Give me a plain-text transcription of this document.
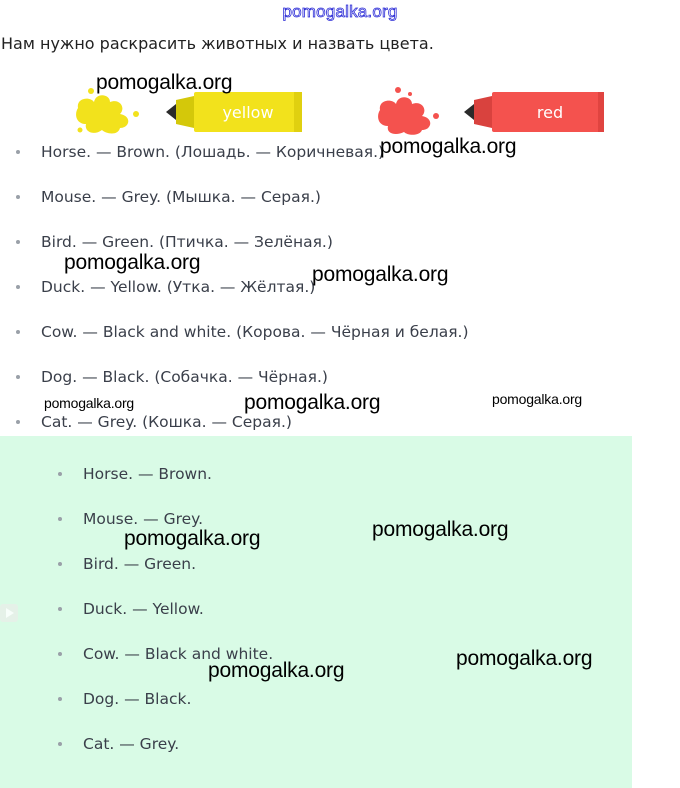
pomogalka.org
Нам нужно раскрасить животных и назвать цвета.
yellow	red
Horse. — Brown. (Лошадь. — Коричневая.)
Mouse. — Grey. (Мышка. — Серая.)
Bird. — Green. (Птичка. — Зелёная.)
Duck. — Yellow. (Утка. — Жёлтая.)
Cow. — Black and white. (Корова. — Чёрная и белая.)
Dog. — Black. (Собачка. — Чёрная.)
Cat. — Grey. (Кошка. — Серая.)
Horse. — Brown.
Mouse. — Grey.
Bird. — Green.
Duck. — Yellow.
Cow. — Black and white.
Dog. — Black.
Cat. — Grey.
pomogalka.org
pomogalka.org
pomogalka.org
pomogalka.org
pomogalka.org	pomogalka.org	pomogalka.org
pomogalka.org
pomogalka.org
pomogalka.org
pomogalka.org
